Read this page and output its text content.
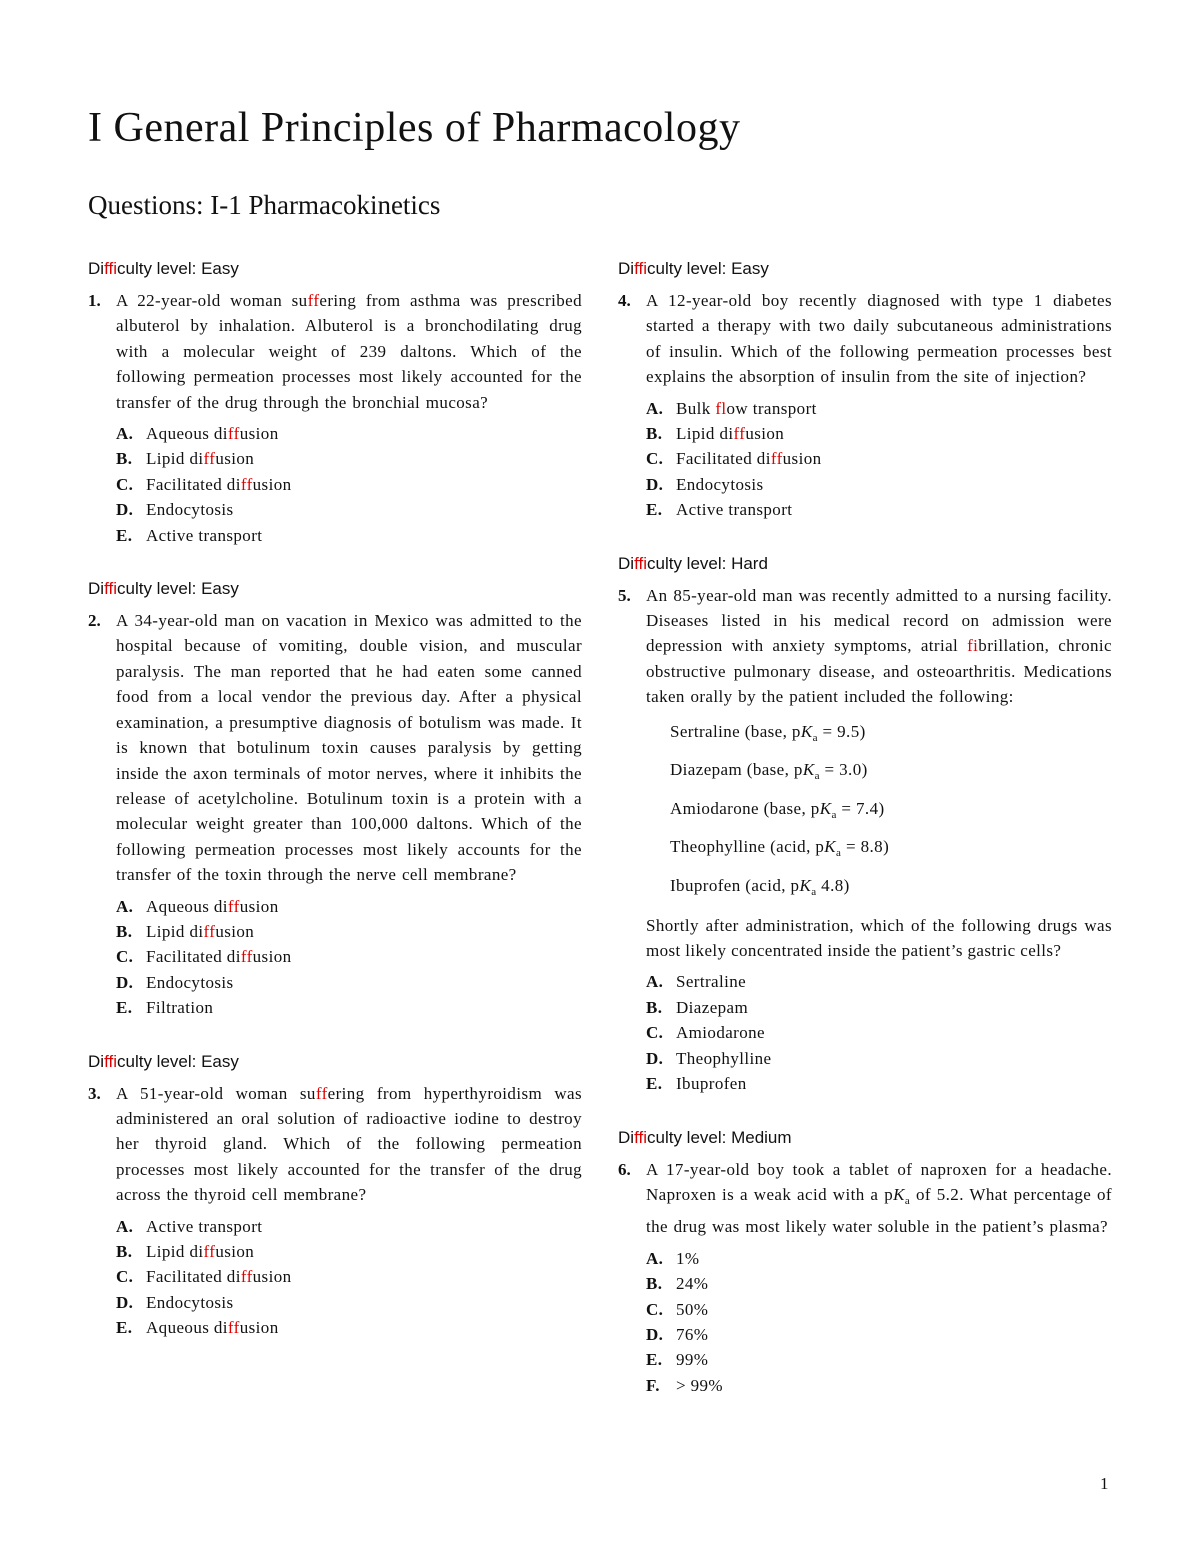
I General Principles of Pharmacology
Questions: I-1 Pharmacokinetics
Difficulty level: Easy
1. A 22-year-old woman suffering from asthma was prescribed albuterol by inhalation. Albuterol is a bronchodilating drug with a molecular weight of 239 daltons. Which of the following permeation processes most likely accounted for the transfer of the drug through the bronchial mucosa?
A. Aqueous diffusion
B. Lipid diffusion
C. Facilitated diffusion
D. Endocytosis
E. Active transport
Difficulty level: Easy
2. A 34-year-old man on vacation in Mexico was admitted to the hospital because of vomiting, double vision, and muscular paralysis. The man reported that he had eaten some canned food from a local vendor the previous day. After a physical examination, a presumptive diagnosis of botulism was made. It is known that botulinum toxin causes paralysis by getting inside the axon terminals of motor nerves, where it inhibits the release of acetylcholine. Botulinum toxin is a protein with a molecular weight greater than 100,000 daltons. Which of the following permeation processes most likely accounts for the transfer of the toxin through the nerve cell membrane?
A. Aqueous diffusion
B. Lipid diffusion
C. Facilitated diffusion
D. Endocytosis
E. Filtration
Difficulty level: Easy
3. A 51-year-old woman suffering from hyperthyroidism was administered an oral solution of radioactive iodine to destroy her thyroid gland. Which of the following permeation processes most likely accounted for the transfer of the drug across the thyroid cell membrane?
A. Active transport
B. Lipid diffusion
C. Facilitated diffusion
D. Endocytosis
E. Aqueous diffusion
Difficulty level: Easy
4. A 12-year-old boy recently diagnosed with type 1 diabetes started a therapy with two daily subcutaneous administrations of insulin. Which of the following permeation processes best explains the absorption of insulin from the site of injection?
A. Bulk flow transport
B. Lipid diffusion
C. Facilitated diffusion
D. Endocytosis
E. Active transport
Difficulty level: Hard
5. An 85-year-old man was recently admitted to a nursing facility. Diseases listed in his medical record on admission were depression with anxiety symptoms, atrial fibrillation, chronic obstructive pulmonary disease, and osteoarthritis. Medications taken orally by the patient included the following:
Sertraline (base, $pK_a = 9.5$)
Diazepam (base, $pK_a = 3.0$)
Amiodarone (base, $pK_a = 7.4$)
Theophylline (acid, $pK_a = 8.8$)
Ibuprofen (acid, $pK_a$ 4.8)
Shortly after administration, which of the following drugs was most likely concentrated inside the patient’s gastric cells?
A. Sertraline
B. Diazepam
C. Amiodarone
D. Theophylline
E. Ibuprofen
Difficulty level: Medium
6. A 17-year-old boy took a tablet of naproxen for a headache. Naproxen is a weak acid with a $pK_a$ of 5.2. What percentage of the drug was most likely water soluble in the patient’s plasma?
A. 1%
B. 24%
C. 50%
D. 76%
E. 99%
F. > 99%
1
